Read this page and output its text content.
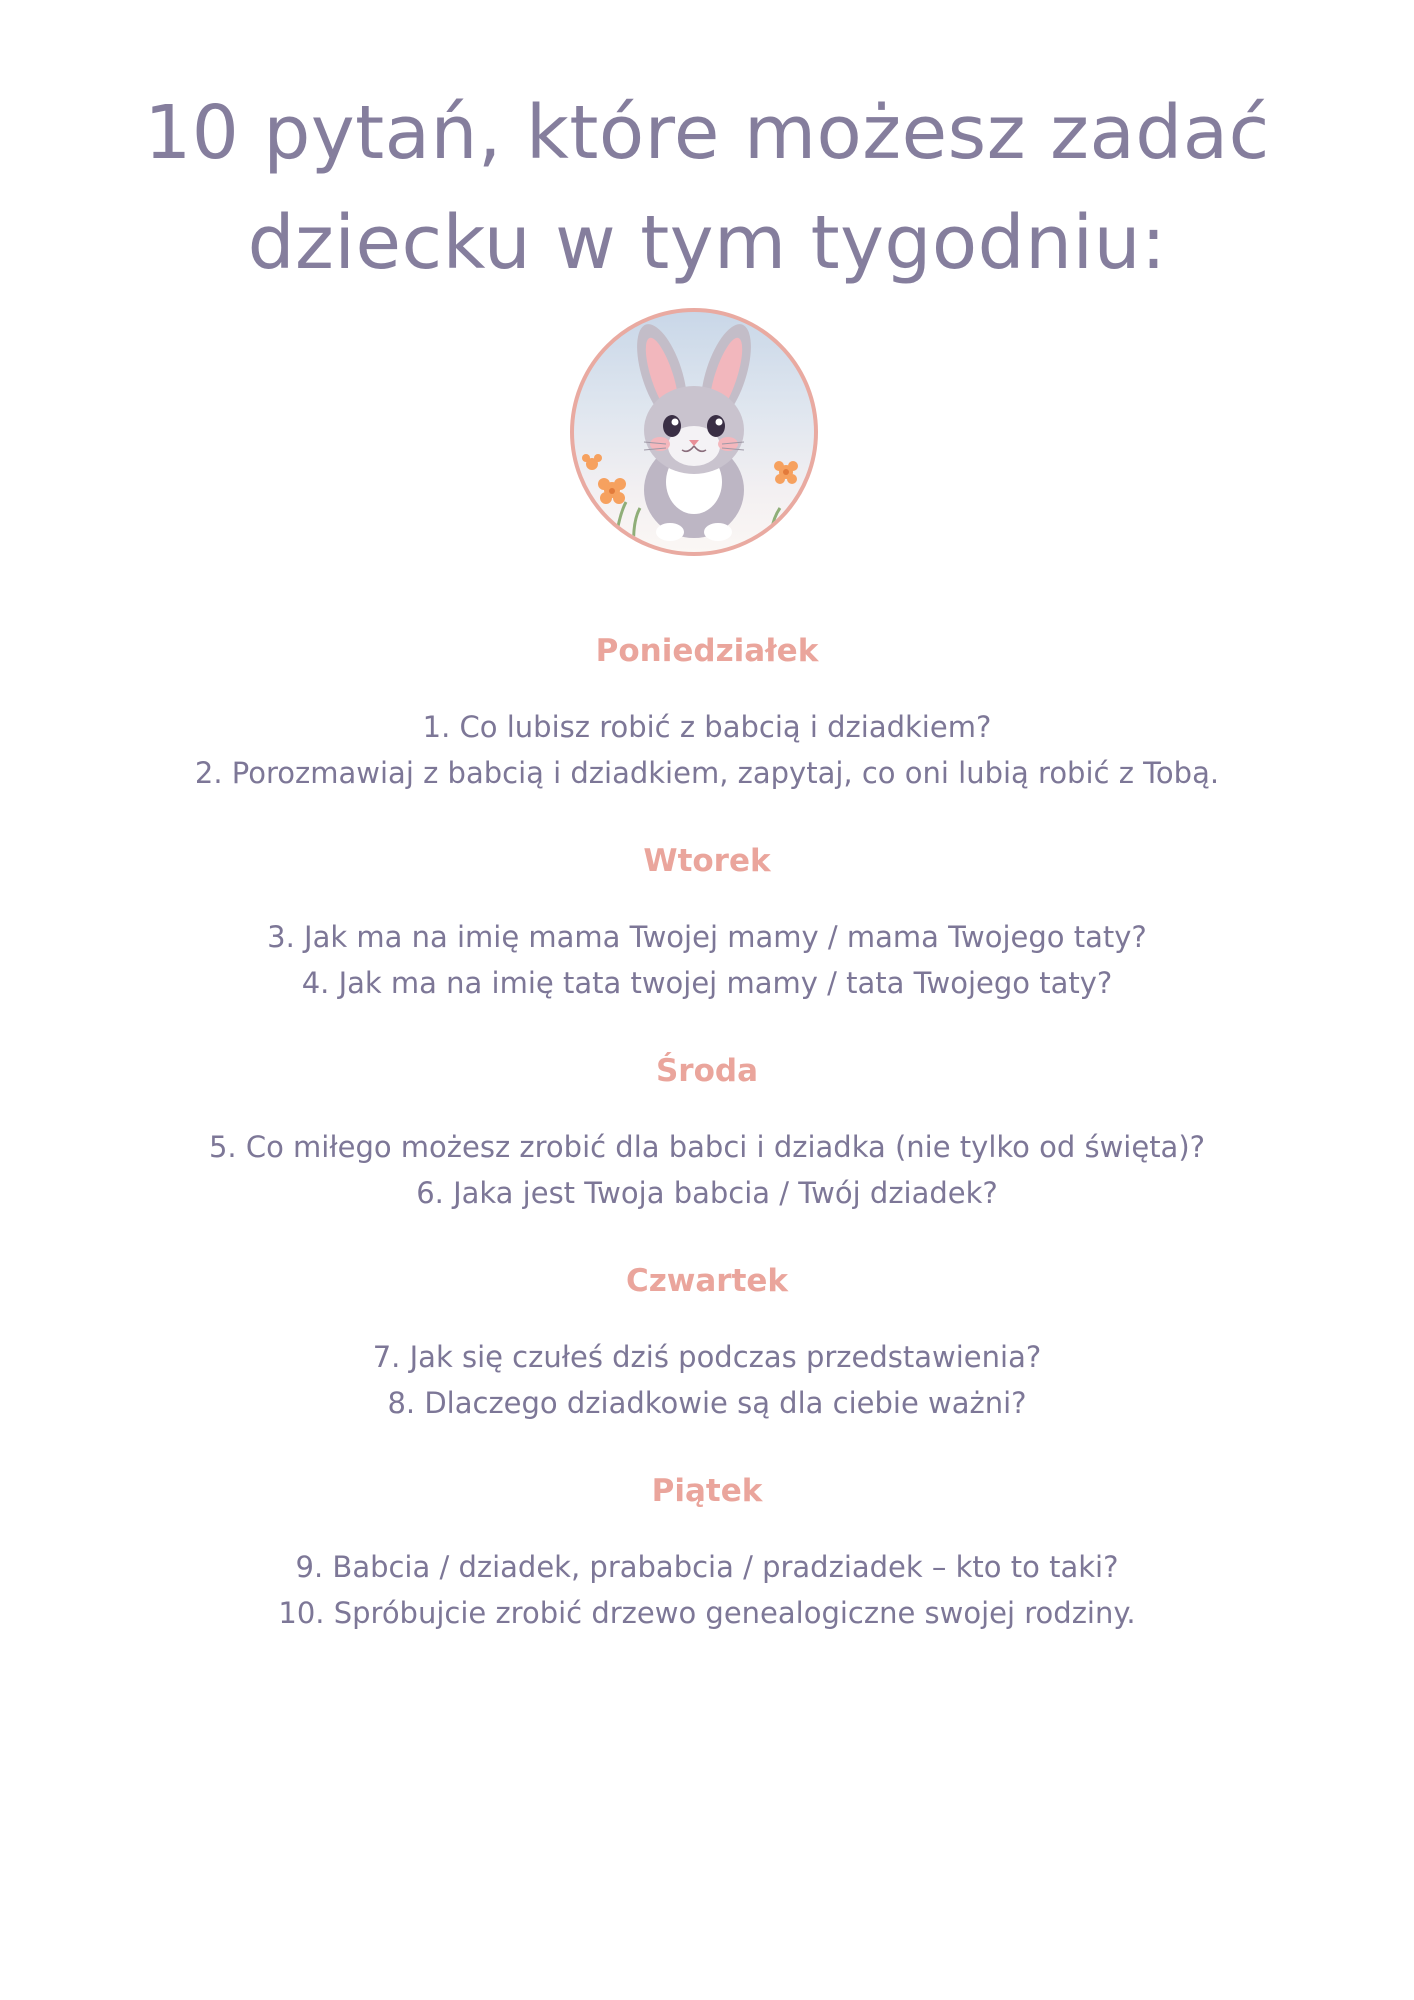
10 pytań, które możesz zadać
dziecku w tym tygodniu:
Poniedziałek
1. Co lubisz robić z babcią i dziadkiem?
2. Porozmawiaj z babcią i dziadkiem, zapytaj, co oni lubią robić z Tobą.
Wtorek
3. Jak ma na imię mama Twojej mamy / mama Twojego taty?
4. Jak ma na imię tata twojej mamy / tata Twojego taty?
Środa
5. Co miłego możesz zrobić dla babci i dziadka (nie tylko od święta)?
6. Jaka jest Twoja babcia / Twój dziadek?
Czwartek
7. Jak się czułeś dziś podczas przedstawienia?
8. Dlaczego dziadkowie są dla ciebie ważni?
Piątek
9. Babcia / dziadek, prababcia / pradziadek – kto to taki?
10. Spróbujcie zrobić drzewo genealogiczne swojej rodziny.
